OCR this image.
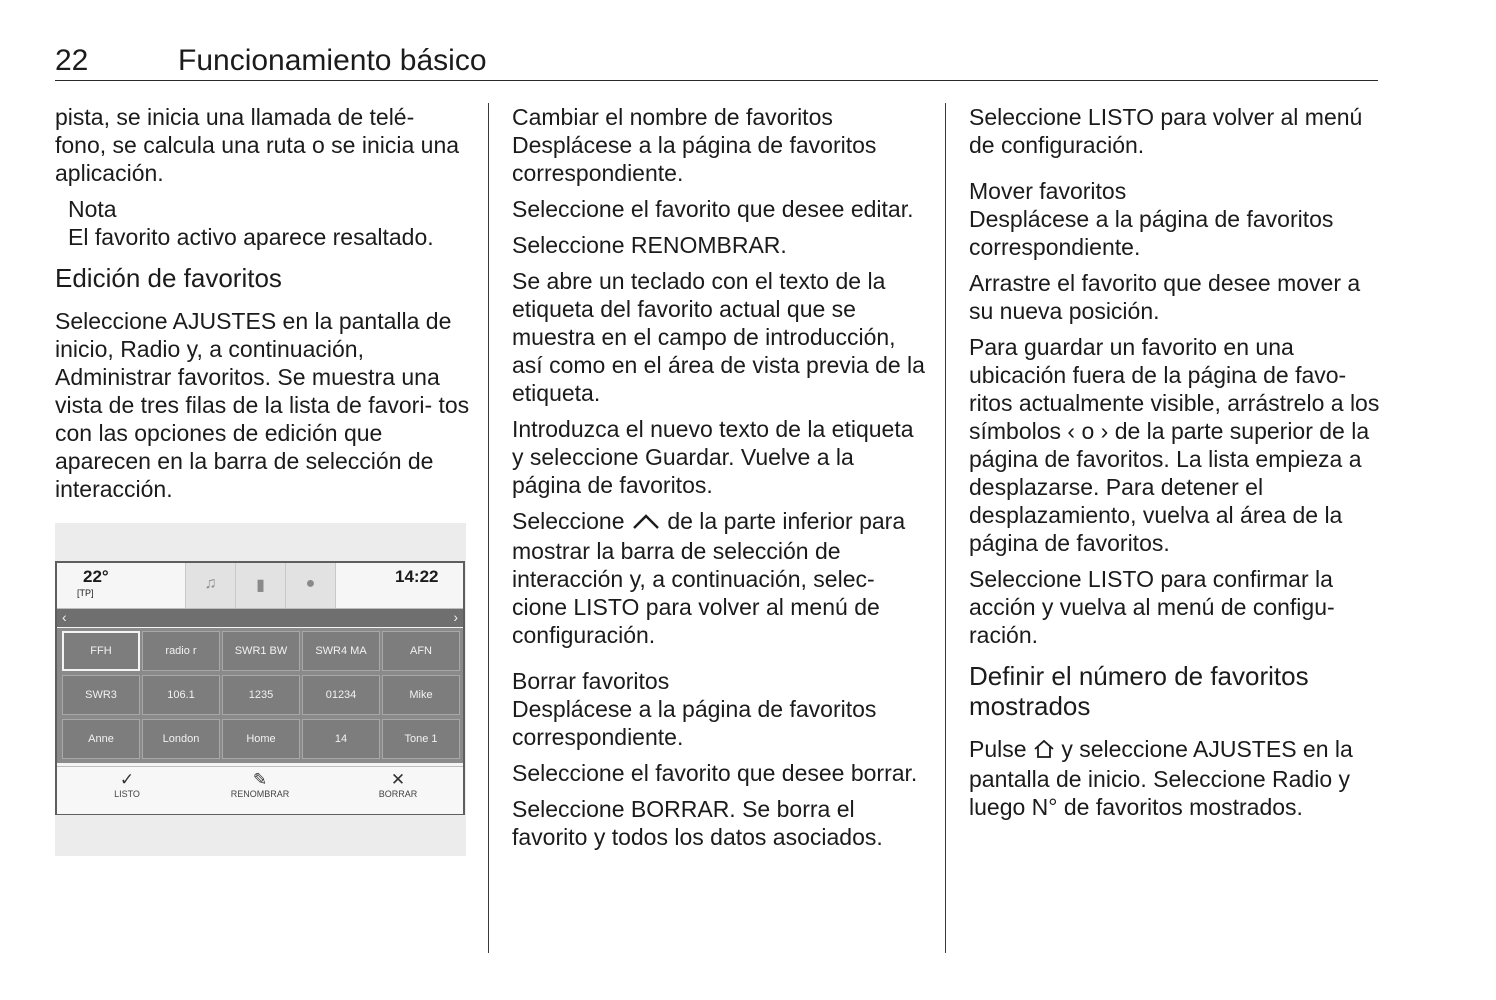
22	Funcionamiento básico

pista, se inicia una llamada de telé- fono, se calcula una ruta o se inicia una aplicación.

Nota
El favorito activo aparece resaltado.
Edición de favoritos

Seleccione AJUSTES en la pantalla de inicio, Radio y, a continuación, Administrar favoritos. Se muestra una vista de tres filas de la lista de favori- tos con las opciones de edición que aparecen en la barra de selección de interacción.

22°
[TP]
♫	▮	●	14:22
‹	›
FFH	radio r	SWR1 BW	SWR4 MA	AFN
SWR3	106.1	1235	01234	Mike
Anne	London	Home	14	Tone 1
✓
LISTO
✎
RENOMBRAR
✕
BORRAR
Cambiar el nombre de favoritos

Desplácese a la página de favoritos correspondiente.

Seleccione el favorito que desee editar.

Seleccione RENOMBRAR.

Se abre un teclado con el texto de la etiqueta del favorito actual que se muestra en el campo de introducción, así como en el área de vista previa de la etiqueta.

Introduzca el nuevo texto de la etiqueta y seleccione Guardar. Vuelve a la página de favoritos.

Seleccione de la parte inferior para mostrar la barra de selección de interacción y, a continuación, selec- cione LISTO para volver al menú de configuración.

Borrar favoritos

Desplácese a la página de favoritos correspondiente.

Seleccione el favorito que desee borrar.

Seleccione BORRAR. Se borra el favorito y todos los datos asociados.

Seleccione LISTO para volver al menú de configuración.

Mover favoritos

Desplácese a la página de favoritos correspondiente.

Arrastre el favorito que desee mover a su nueva posición.

Para guardar un favorito en una ubicación fuera de la página de favo- ritos actualmente visible, arrástrelo a los símbolos ‹ o › de la parte superior de la página de favoritos. La lista empieza a desplazarse. Para detener el desplazamiento, vuelva al área de la página de favoritos.

Seleccione LISTO para confirmar la acción y vuelva al menú de configu- ración.

Definir el número de favoritos mostrados

Pulse y seleccione AJUSTES en la pantalla de inicio. Seleccione Radio y luego N° de favoritos mostrados.
